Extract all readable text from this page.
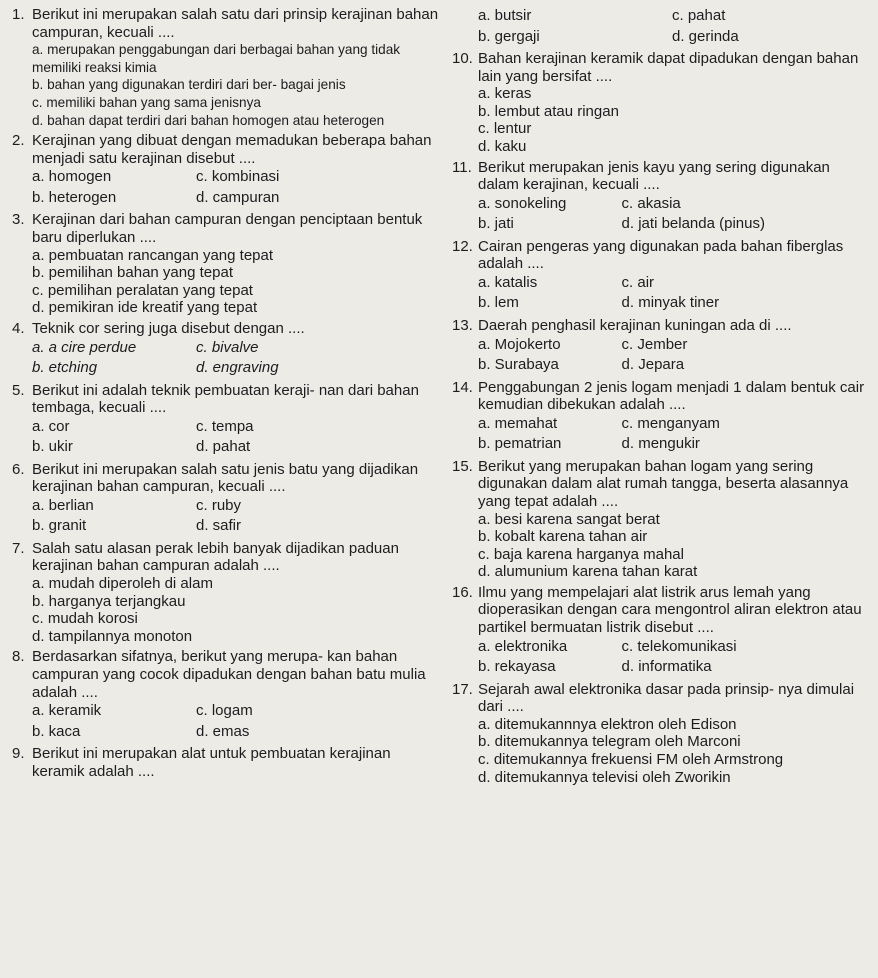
1. Berikut ini merupakan salah satu dari prinsip kerajinan bahan campuran, kecuali ....
a. merupakan penggabungan dari berbagai bahan yang tidak memiliki reaksi kimia
b. bahan yang digunakan terdiri dari ber- bagai jenis
c. memiliki bahan yang sama jenisnya
d. bahan dapat terdiri dari bahan homogen atau heterogen
2. Kerajinan yang dibuat dengan memadukan beberapa bahan menjadi satu kerajinan disebut ....
a. homogen	c. kombinasi
b. heterogen	d. campuran
3. Kerajinan dari bahan campuran dengan penciptaan bentuk baru diperlukan ....
a. pembuatan rancangan yang tepat
b. pemilihan bahan yang tepat
c. pemilihan peralatan yang tepat
d. pemikiran ide kreatif yang tepat
4. Teknik cor sering juga disebut dengan ....
a. a cire perdue	c. bivalve
b. etching	d. engraving
5. Berikut ini adalah teknik pembuatan keraji- nan dari bahan tembaga, kecuali ....
a. cor	c. tempa
b. ukir	d. pahat
6. Berikut ini merupakan salah satu jenis batu yang dijadikan kerajinan bahan campuran, kecuali ....
a. berlian	c. ruby
b. granit	d. safir
7. Salah satu alasan perak lebih banyak dijadikan paduan kerajinan bahan campuran adalah ....
a. mudah diperoleh di alam
b. harganya terjangkau
c. mudah korosi
d. tampilannya monoton
8. Berdasarkan sifatnya, berikut yang merupa- kan bahan campuran yang cocok dipadukan dengan bahan batu mulia adalah ....
a. keramik	c. logam
b. kaca	d. emas
9. Berikut ini merupakan alat untuk pembuatan kerajinan keramik adalah ....
a. butsir	c. pahat
b. gergaji	d. gerinda
10. Bahan kerajinan keramik dapat dipadukan dengan bahan lain yang bersifat ....
a. keras
b. lembut atau ringan
c. lentur
d. kaku
11. Berikut merupakan jenis kayu yang sering digunakan dalam kerajinan, kecuali ....
a. sonokeling	c. akasia
b. jati	d. jati belanda (pinus)
12. Cairan pengeras yang digunakan pada bahan fiberglas adalah ....
a. katalis	c. air
b. lem	d. minyak tiner
13. Daerah penghasil kerajinan kuningan ada di ....
a. Mojokerto	c. Jember
b. Surabaya	d. Jepara
14. Penggabungan 2 jenis logam menjadi 1 dalam bentuk cair kemudian dibekukan adalah ....
a. memahat	c. menganyam
b. pematrian	d. mengukir
15. Berikut yang merupakan bahan logam yang sering digunakan dalam alat rumah tangga, beserta alasannya yang tepat adalah ....
a. besi karena sangat berat
b. kobalt karena tahan air
c. baja karena harganya mahal
d. alumunium karena tahan karat
16. Ilmu yang mempelajari alat listrik arus lemah yang dioperasikan dengan cara mengontrol aliran elektron atau partikel bermuatan listrik disebut ....
a. elektronika	c. telekomunikasi
b. rekayasa	d. informatika
17. Sejarah awal elektronika dasar pada prinsip- nya dimulai dari ....
a. ditemukannnya elektron oleh Edison
b. ditemukannya telegram oleh Marconi
c. ditemukannya frekuensi FM oleh Armstrong
d. ditemukannya televisi oleh Zworikin
